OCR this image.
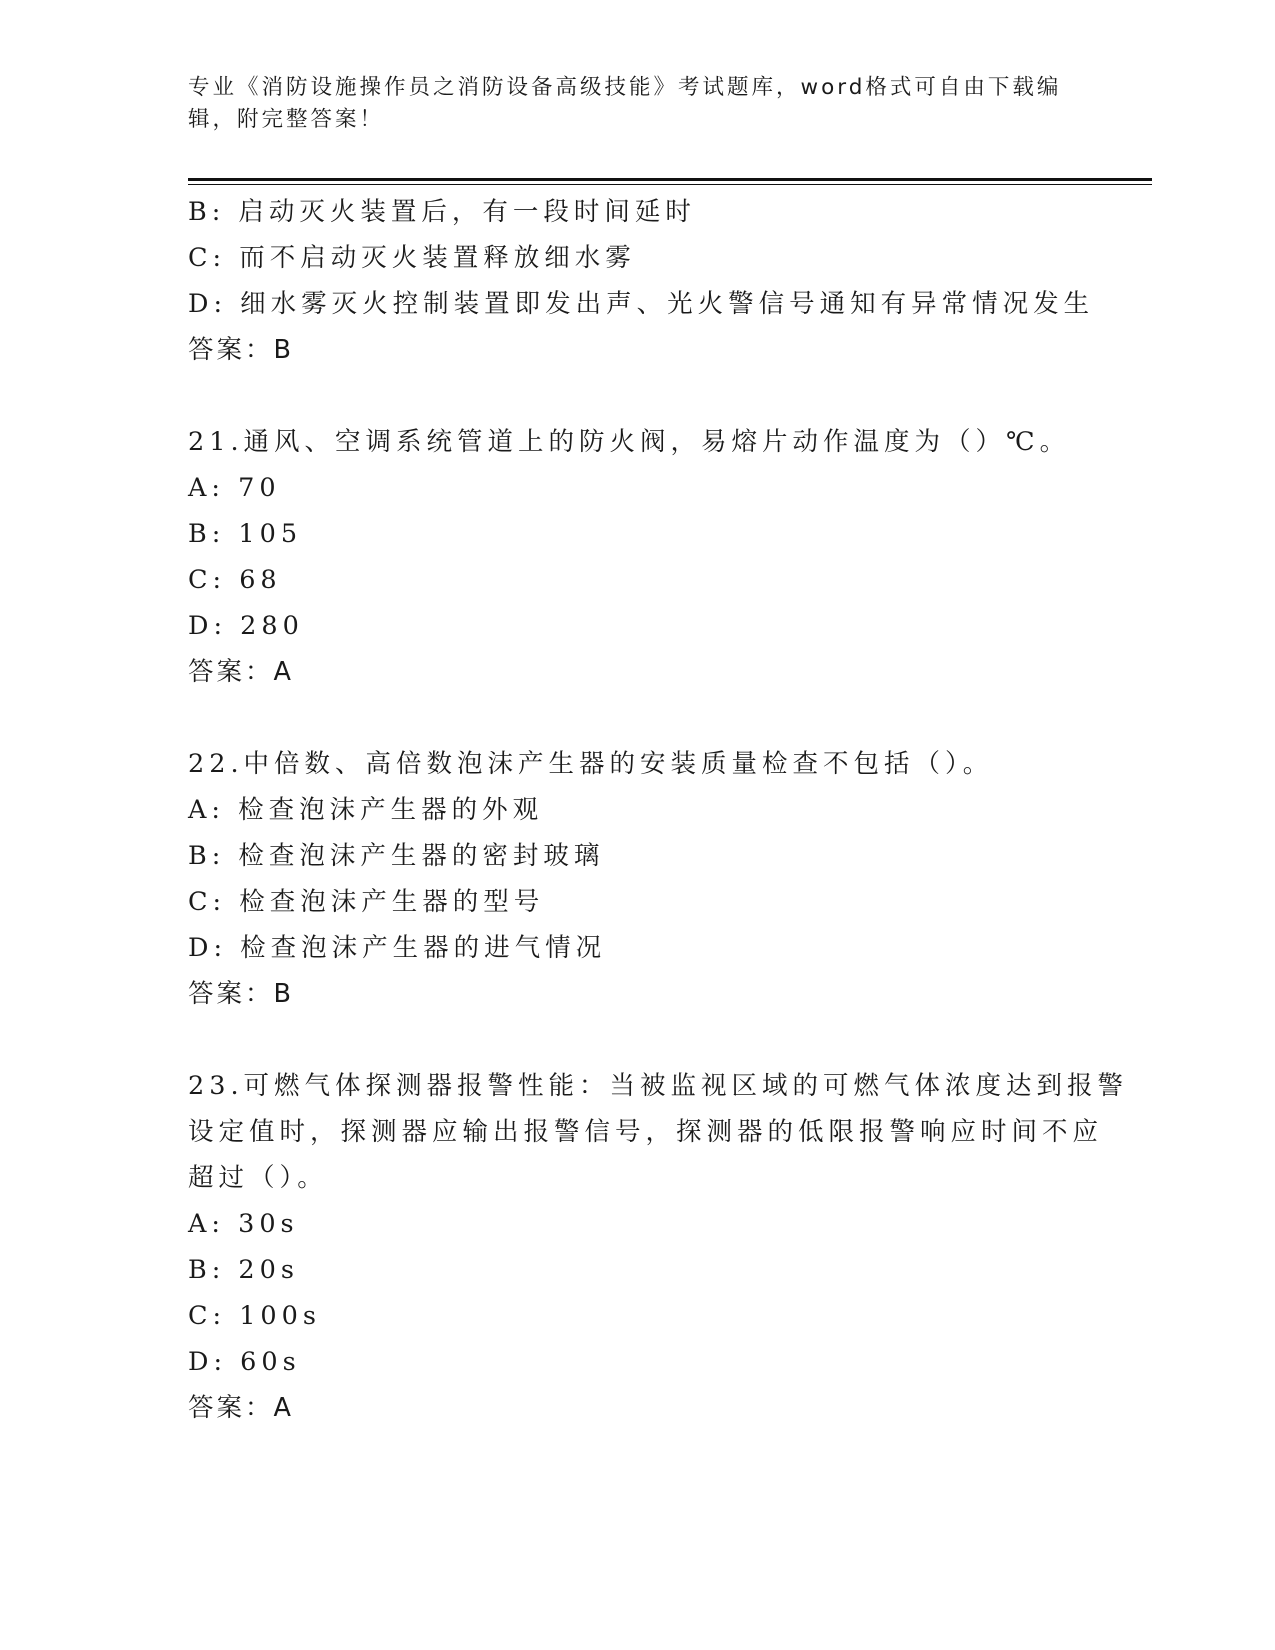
专业《消防设施操作员之消防设备高级技能》考试题库，word格式可自由下载编辑，附完整答案！
B: 启动灭火装置后，有一段时间延时
C: 而不启动灭火装置释放细水雾
D: 细水雾灭火控制装置即发出声、光火警信号通知有异常情况发生
答案：B
21.通风、空调系统管道上的防火阀，易熔片动作温度为（）℃。
A: 70
B: 105
C: 68
D: 280
答案：A
22.中倍数、高倍数泡沫产生器的安装质量检查不包括（）。
A: 检查泡沫产生器的外观
B: 检查泡沫产生器的密封玻璃
C: 检查泡沫产生器的型号
D: 检查泡沫产生器的进气情况
答案：B
23.可燃气体探测器报警性能：当被监视区域的可燃气体浓度达到报警
设定值时，探测器应输出报警信号，探测器的低限报警响应时间不应
超过（）。
A: 30s
B: 20s
C: 100s
D: 60s
答案：A
